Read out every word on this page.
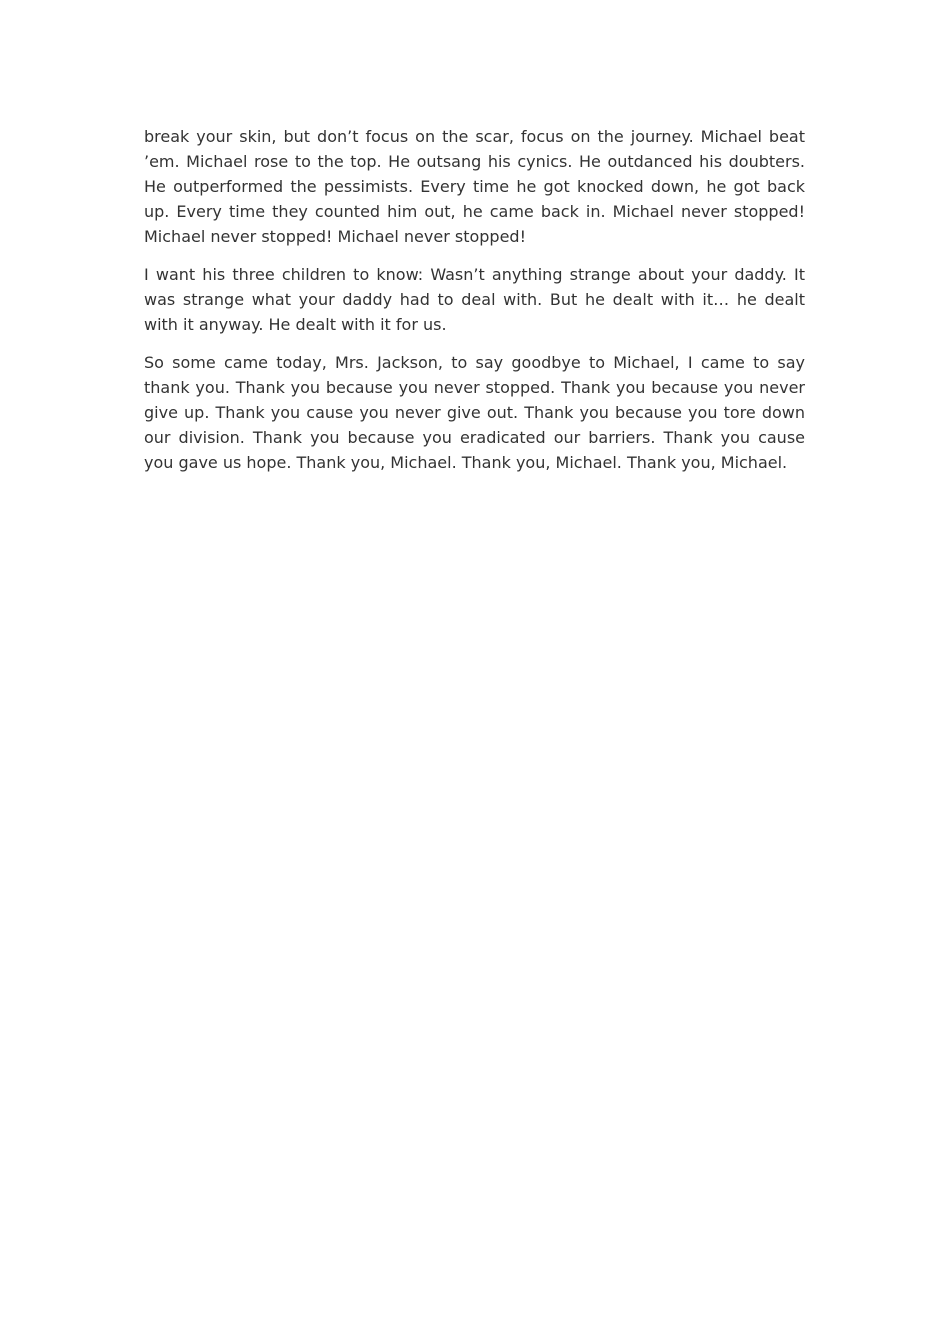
break your skin, but don’t focus on the scar, focus on the journey. Michael beat ’em. Michael rose to the top. He outsang his cynics. He outdanced his doubters. He outperformed the pessimists. Every time he got knocked down, he got back up. Every time they counted him out, he came back in. Michael never stopped! Michael never stopped! Michael never stopped!

I want his three children to know: Wasn’t anything strange about your daddy. It was strange what your daddy had to deal with. But he dealt with it… he dealt with it anyway. He dealt with it for us.

So some came today, Mrs. Jackson, to say goodbye to Michael, I came to say thank you. Thank you because you never stopped. Thank you because you never give up. Thank you cause you never give out. Thank you because you tore down our division. Thank you because you eradicated our barriers. Thank you cause you gave us hope. Thank you, Michael. Thank you, Michael. Thank you, Michael.
